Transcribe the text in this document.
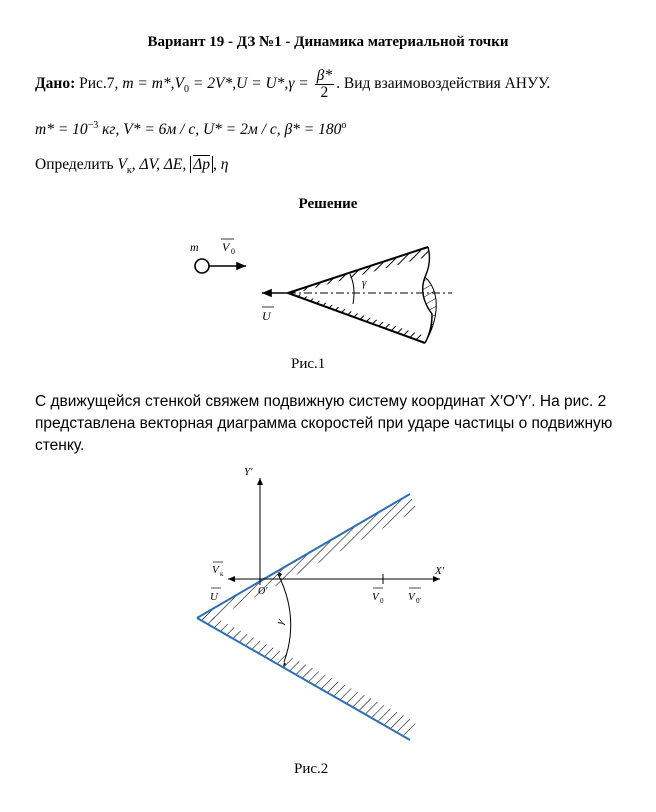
Вариант 19 - ДЗ №1 - Динамика материальной точки
Дано: Рис.7, $m = m*,V_0 = 2V*,U = U*,\gamma = \frac{\beta*}{2}$ . Вид взаимовоздействия АНУУ.
$m* = 10^{-3}$ кг, V* = 6м / c, U* = 2м / c, $\beta* = 180^o$
Определить $V_к$, ΔV, ΔE, $\overline{\Delta p}$ , η
Решение
m V 0
γ
U
Рис.1
С движущейся стенкой свяжем подвижную систему координат X′O′Y′. На рис. 2 представлена векторная диаграмма скоростей при ударе частицы о подвижную стенку.
Y′
X′
O′
V к
U	V 0 V 0′
γ
Рис.2
